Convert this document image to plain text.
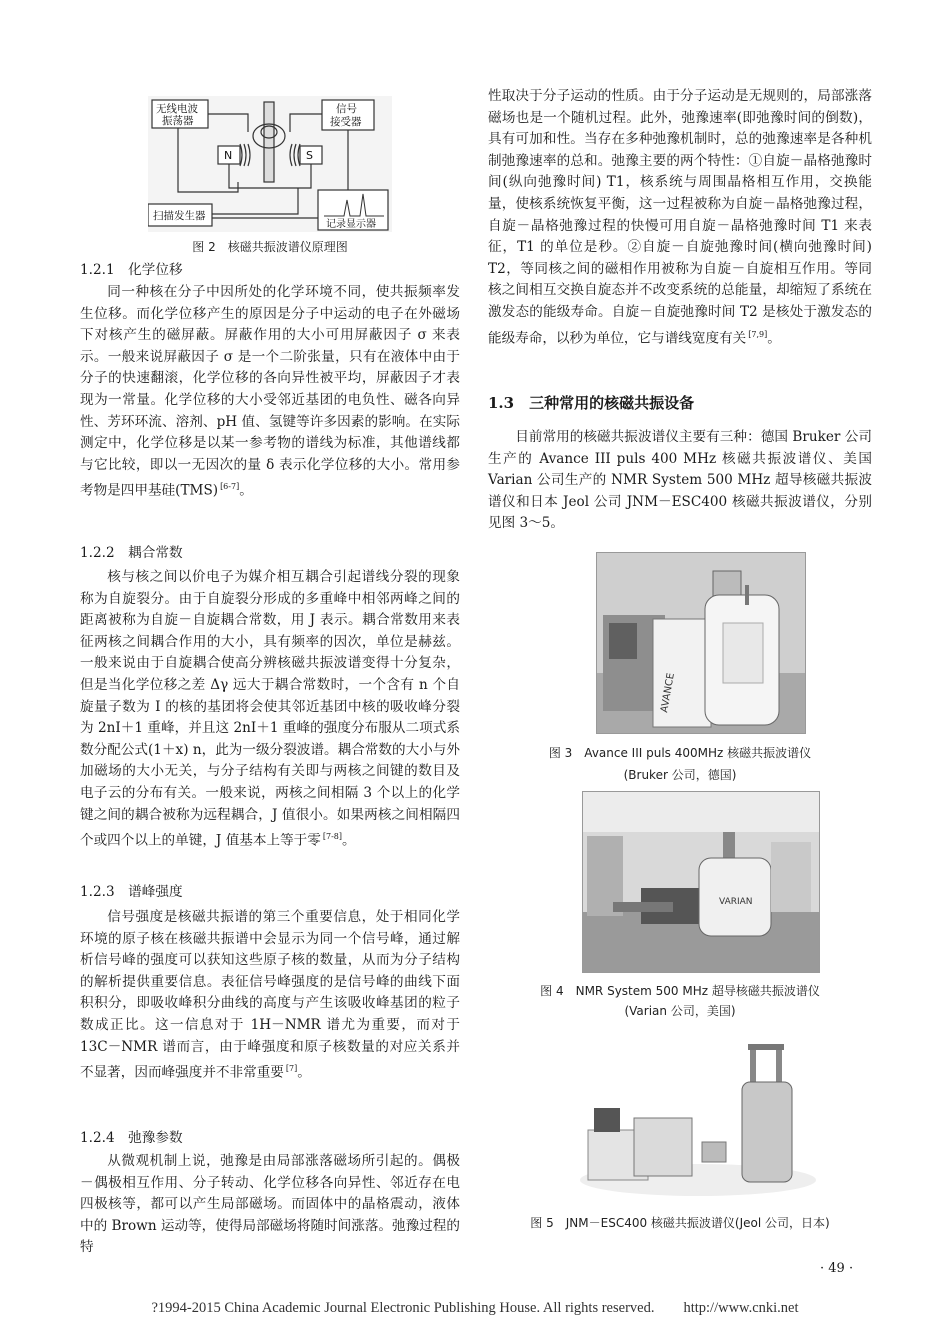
无线电波
振荡器
信号
接受器
N	S
扫描发生器
记录显示器
图 2　核磁共振波谱仪原理图
1.2.1　化学位移

同一种核在分子中因所处的化学环境不同，使共振频率发生位移。而化学位移产生的原因是分子中运动的电子在外磁场下对核产生的磁屏蔽。屏蔽作用的大小可用屏蔽因子 σ 来表示。一般来说屏蔽因子 σ 是一个二阶张量，只有在液体中由于分子的快速翻滚，化学位移的各向异性被平均，屏蔽因子才表现为一常量。化学位移的大小受邻近基团的电负性、磁各向异性、芳环环流、溶剂、pH 值、氢键等许多因素的影响。在实际测定中，化学位移是以某一参考物的谱线为标准，其他谱线都与它比较，即以一无因次的量 δ 表示化学位移的大小。常用参考物是四甲基硅(TMS) [6-7]。

1.2.2　耦合常数

核与核之间以价电子为媒介相互耦合引起谱线分裂的现象称为自旋裂分。由于自旋裂分形成的多重峰中相邻两峰之间的距离被称为自旋－自旋耦合常数，用 J 表示。耦合常数用来表征两核之间耦合作用的大小，具有频率的因次，单位是赫兹。一般来说由于自旋耦合使高分辨核磁共振波谱变得十分复杂，但是当化学位移之差 Δγ 远大于耦合常数时，一个含有 n 个自旋量子数为 I 的核的基团将会使其邻近基团中核的吸收峰分裂为 2nI＋1 重峰，并且这 2nI＋1 重峰的强度分布服从二项式系数分配公式(1＋x) n，此为一级分裂波谱。耦合常数的大小与外加磁场的大小无关，与分子结构有关即与两核之间键的数目及电子云的分布有关。一般来说，两核之间相隔 3 个以上的化学键之间的耦合被称为远程耦合，J 值很小。如果两核之间相隔四个或四个以上的单键，J 值基本上等于零 [7-8]。

1.2.3　谱峰强度

信号强度是核磁共振谱的第三个重要信息，处于相同化学环境的原子核在核磁共振谱中会显示为同一个信号峰，通过解析信号峰的强度可以获知这些原子核的数量，从而为分子结构的解析提供重要信息。表征信号峰强度的是信号峰的曲线下面积积分，即吸收峰积分曲线的高度与产生该吸收峰基团的粒子数成正比。这一信息对于 1H－NMR 谱尤为重要，而对于 13C－NMR 谱而言，由于峰强度和原子核数量的对应关系并不显著，因而峰强度并不非常重要 [7]。

1.2.4　弛豫参数

从微观机制上说，弛豫是由局部涨落磁场所引起的。偶极－偶极相互作用、分子转动、化学位移各向异性、邻近存在电四极核等，都可以产生局部磁场。而固体中的晶格震动，液体中的 Brown 运动等，使得局部磁场将随时间涨落。弛豫过程的特

性取决于分子运动的性质。由于分子运动是无规则的，局部涨落磁场也是一个随机过程。此外，弛豫速率(即弛豫时间的倒数)，具有可加和性。当存在多种弛豫机制时，总的弛豫速率是各种机制弛豫速率的总和。弛豫主要的两个特性：①自旋－晶格弛豫时间(纵向弛豫时间) T1，核系统与周围晶格相互作用，交换能量，使核系统恢复平衡，这一过程被称为自旋－晶格弛豫过程，自旋－晶格弛豫过程的快慢可用自旋－晶格弛豫时间 T1 来表征，T1 的单位是秒。②自旋－自旋弛豫时间(横向弛豫时间) T2，等同核之间的磁相作用被称为自旋－自旋相互作用。等同核之间相互交换自旋态并不改变系统的总能量，却缩短了系统在激发态的能级寿命。自旋－自旋弛豫时间 T2 是核处于激发态的能级寿命，以秒为单位，它与谱线宽度有关 [7,9]。

1.3　三种常用的核磁共振设备

目前常用的核磁共振波谱仪主要有三种：德国 Bruker 公司生产的 Avance III puls 400 MHz 核磁共振波谱仪、美国 Varian 公司生产的 NMR System 500 MHz 超导核磁共振波谱仪和日本 Jeol 公司 JNM－ESC400 核磁共振波谱仪，分别见图 3～5。

AVANCE
图 3　Avance III puls 400MHz 核磁共振波谱仪
(Bruker 公司，德国)
VARIAN
图 4　NMR System 500 MHz 超导核磁共振波谱仪
(Varian 公司，美国)
图 5　JNM－ESC400 核磁共振波谱仪(Jeol 公司，日本)
· 49 ·
?1994-2015 China Academic Journal Electronic Publishing House. All rights reserved.　　http://www.cnki.net
